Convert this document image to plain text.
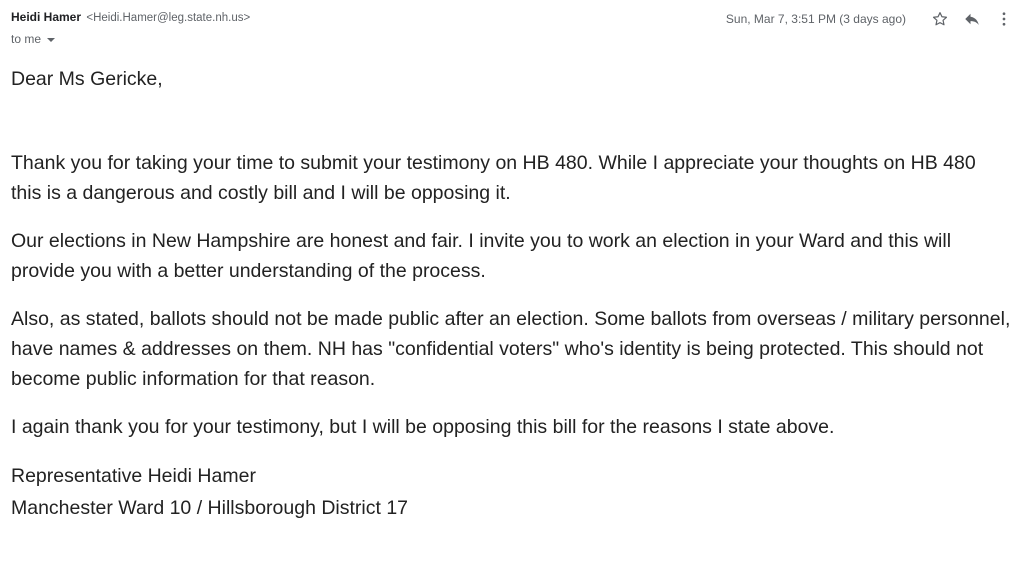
Heidi Hamer <Heidi.Hamer@leg.state.nh.us>
to me
Sun, Mar 7, 3:51 PM (3 days ago)

Dear Ms Gericke,

Thank you for taking your time to submit your testimony on HB 480. While I appreciate your thoughts on HB 480 this is a dangerous and costly bill and I will be opposing it.

Our elections in New Hampshire are honest and fair. I invite you to work an election in your Ward and this will provide you with a better understanding of the process.

Also, as stated, ballots should not be made public after an election. Some ballots from overseas / military personnel, have names & addresses on them. NH has "confidential voters" who's identity is being protected. This should not become public information for that reason.

I again thank you for your testimony, but I will be opposing this bill for the reasons I state above.

Representative Heidi Hamer

Manchester Ward 10 / Hillsborough District 17
